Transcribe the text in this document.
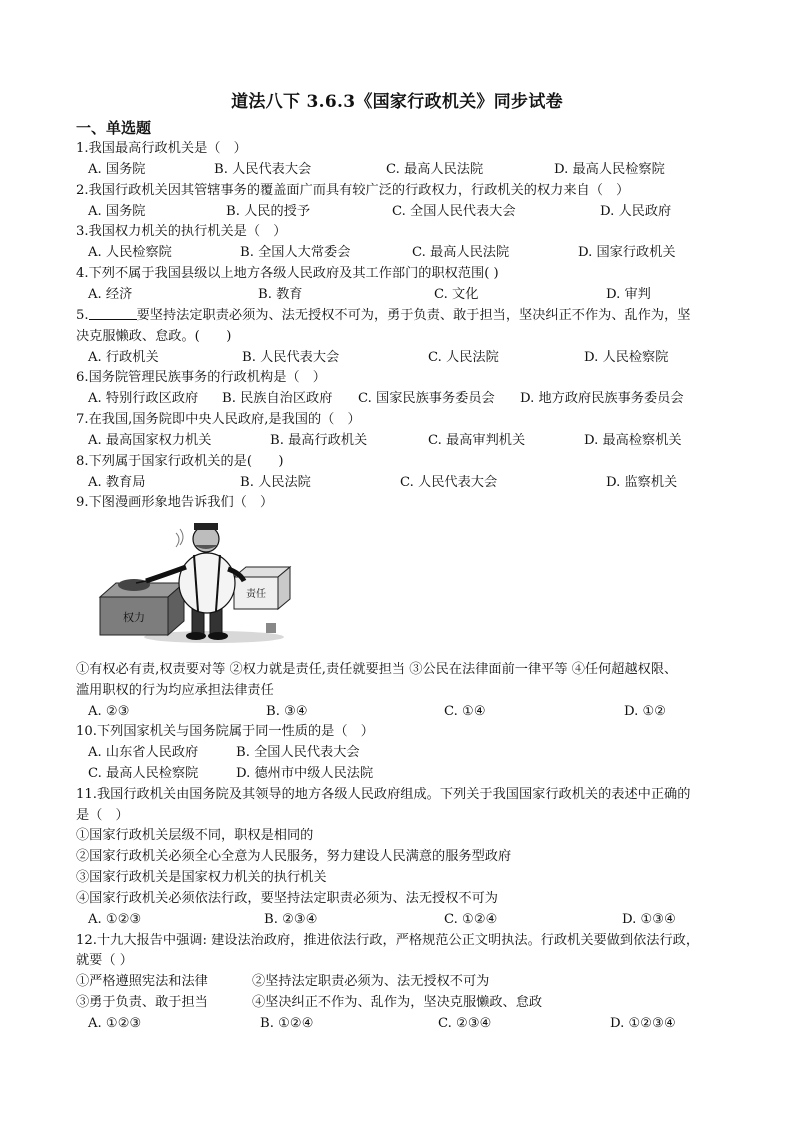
道法八下 3.6.3《国家行政机关》同步试卷
一、单选题
1.我国最高行政机关是（　）
A. 国务院	B. 人民代表大会	C. 最高人民法院	D. 最高人民检察院
2.我国行政机关因其管辖事务的覆盖面广而具有较广泛的行政权力，行政机关的权力来自（　）
A. 国务院	B. 人民的授予	C. 全国人民代表大会	D. 人民政府
3.我国权力机关的执行机关是（　）
A. 人民检察院	B. 全国人大常委会	C. 最高人民法院	D. 国家行政机关
4.下列不属于我国县级以上地方各级人民政府及其工作部门的职权范围( )
A. 经济	B. 教育	C. 文化	D. 审判
5.	要坚持法定职责必须为、法无授权不可为，勇于负责、敢于担当，坚决纠正不作为、乱作为，坚
决克服懒政、怠政。(　　)
A. 行政机关	B. 人民代表大会	C. 人民法院	D. 人民检察院
6.国务院管理民族事务的行政机构是（　）
A. 特别行政区政府 B. 民族自治区政府 C. 国家民族事务委员会 D. 地方政府民族事务委员会
7.在我国,国务院即中央人民政府,是我国的（　）
A. 最高国家权力机关	B. 最高行政机关	C. 最高审判机关	D. 最高检察机关
8.下列属于国家行政机关的是(　　)
A. 教育局	B. 人民法院	C. 人民代表大会	D. 监察机关
9.下图漫画形象地告诉我们（　）
权力
责任
①有权必有责,权责要对等 ②权力就是责任,责任就要担当 ③公民在法律面前一律平等 ④任何超越权限、
滥用职权的行为均应承担法律责任
A. ②③	B. ③④	C. ①④	D. ①②
10.下列国家机关与国务院属于同一性质的是（　）
A. 山东省人民政府	B. 全国人民代表大会
C. 最高人民检察院	D. 德州市中级人民法院
11.我国行政机关由国务院及其领导的地方各级人民政府组成。下列关于我国国家行政机关的表述中正确的
是（　）
①国家行政机关层级不同，职权是相同的
②国家行政机关必须全心全意为人民服务，努力建设人民满意的服务型政府
③国家行政机关是国家权力机关的执行机关
④国家行政机关必须依法行政，要坚持法定职责必须为、法无授权不可为
A. ①②③	B. ②③④	C. ①②④	D. ①③④
12.十九大报告中强调: 建设法治政府，推进依法行政，严格规范公正文明执法。行政机关要做到依法行政，
就要（ ）
①严格遵照宪法和法律	②坚持法定职责必须为、法无授权不可为
③勇于负责、敢于担当	④坚决纠正不作为、乱作为，坚决克服懒政、怠政
A. ①②③	B. ①②④	C. ②③④	D. ①②③④
